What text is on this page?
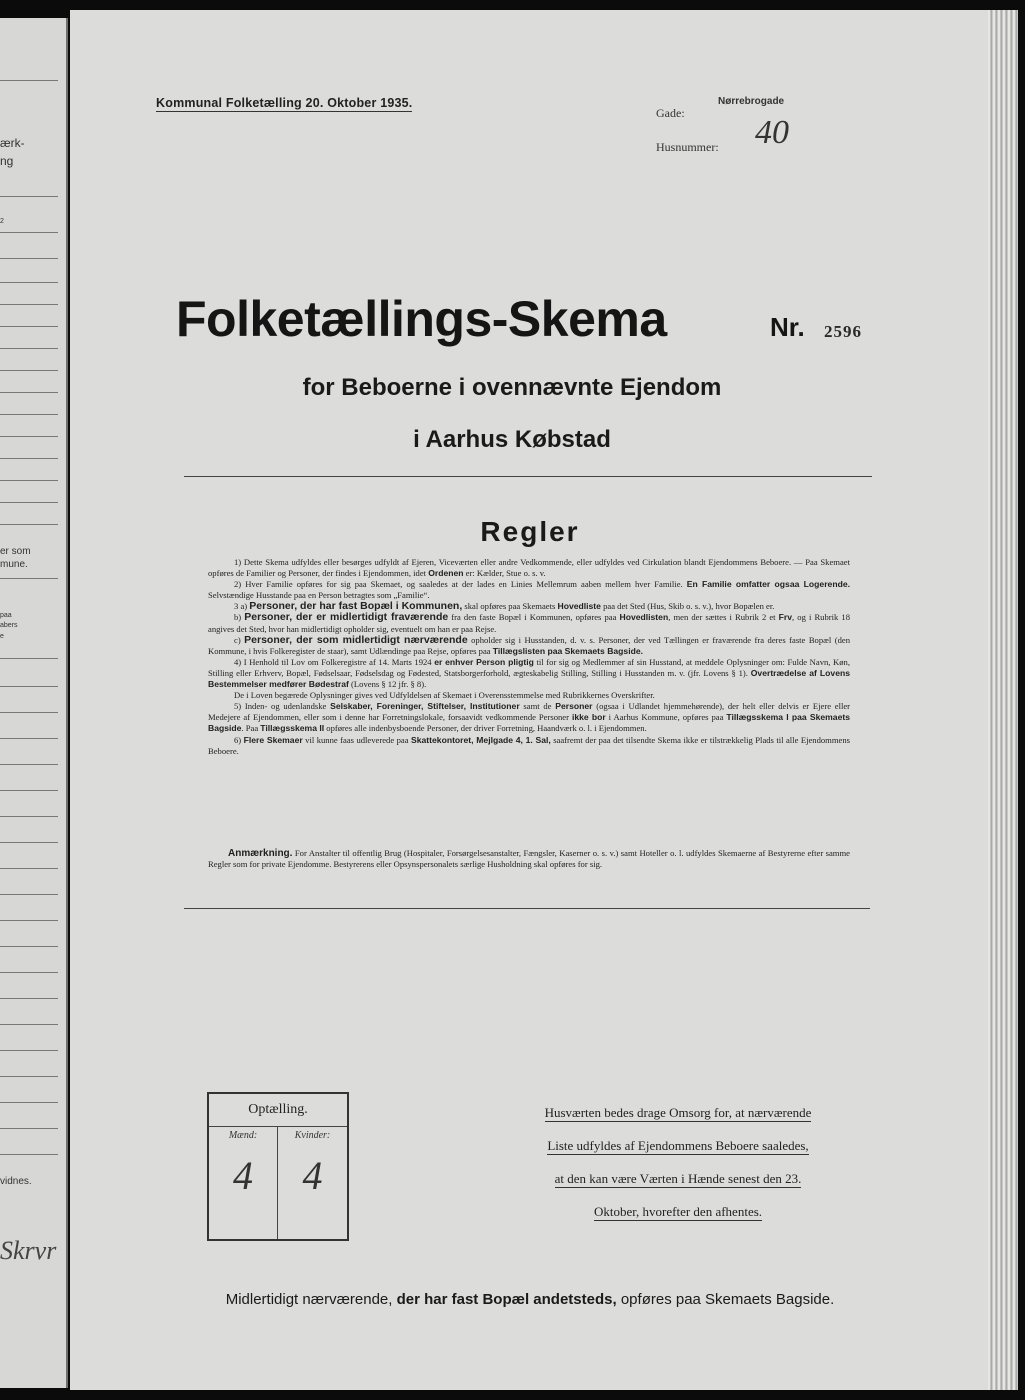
ærk-
ng
2
er som
mune.
paa
abers
e
vidnes.
Skrvr
Kommunal Folketælling 20. Oktober 1935.
Gade:
Nørrebrogade
Husnummer: 40
Folketællings-Skema	Nr. 2596
for Beboerne i ovennævnte Ejendom
i Aarhus Købstad
Regler

1) Dette Skema udfyldes eller besørges udfyldt af Ejeren, Viceværten eller andre Vedkommende, eller udfyldes ved Cirkulation blandt Ejendommens Beboere. — Paa Skemaet opføres de Familier og Personer, der findes i Ejendommen, idet Ordenen er: Kælder, Stue o. s. v.

2) Hver Familie opføres for sig paa Skemaet, og saaledes at der lades en Linies Mellemrum aaben mellem hver Familie. En Familie omfatter ogsaa Logerende. Selvstændige Husstande paa en Person betragtes som „Familie“.

3 a) Personer, der har fast Bopæl i Kommunen, skal opføres paa Skemaets Hovedliste paa det Sted (Hus, Skib o. s. v.), hvor Bopælen er.

b) Personer, der er midlertidigt fraværende fra den faste Bopæl i Kommunen, opføres paa Hovedlisten, men der sættes i Rubrik 2 et Frv, og i Rubrik 18 angives det Sted, hvor han midlertidigt opholder sig, eventuelt om han er paa Rejse.

c) Personer, der som midlertidigt nærværende opholder sig i Husstanden, d. v. s. Personer, der ved Tællingen er fraværende fra deres faste Bopæl (den Kommune, i hvis Folkeregister de staar), samt Udlændinge paa Rejse, opføres paa Tillægslisten paa Skemaets Bagside.

4) I Henhold til Lov om Folkeregistre af 14. Marts 1924 er enhver Person pligtig til for sig og Medlemmer af sin Husstand, at meddele Oplysninger om: Fulde Navn, Køn, Stilling eller Erhverv, Bopæl, Fødselsaar, Fødselsdag og Fødested, Statsborgerforhold, ægteskabelig Stilling, Stilling i Husstanden m. v. (jfr. Lovens § 1). Overtrædelse af Lovens Bestemmelser medfører Bødestraf (Lovens § 12 jfr. § 8).

De i Loven begærede Oplysninger gives ved Udfyldelsen af Skemaet i Overensstemmelse med Rubrikkernes Overskrifter.

5) Inden- og udenlandske Selskaber, Foreninger, Stiftelser, Institutioner samt de Personer (ogsaa i Udlandet hjemmehørende), der helt eller delvis er Ejere eller Medejere af Ejendommen, eller som i denne har Forretningslokale, forsaavidt vedkommende Personer ikke bor i Aarhus Kommune, opføres paa Tillægsskema I paa Skemaets Bagside. Paa Tillægsskema II opføres alle indenbysboende Personer, der driver Forretning, Haandværk o. l. i Ejendommen.

6) Flere Skemaer vil kunne faas udleverede paa Skattekontoret, Mejlgade 4, 1. Sal, saafremt der paa det tilsendte Skema ikke er tilstrækkelig Plads til alle Ejendommens Beboere.

Anmærkning. For Anstalter til offentlig Brug (Hospitaler, Forsørgelsesanstalter, Fængsler, Kaserner o. s. v.) samt Hoteller o. l. udfyldes Skemaerne af Bestyrerne efter samme Regler som for private Ejendomme. Bestyrerens eller Opsynspersonalets særlige Husholdning skal opføres for sig.

Optælling.
Mænd:
4
Kvinder:
4
Husværten bedes drage Omsorg for, at nærværende
Liste udfyldes af Ejendommens Beboere saaledes,
at den kan være Værten i Hænde senest den 23.
Oktober, hvorefter den afhentes.
Midlertidigt nærværende, der har fast Bopæl andetsteds, opføres paa Skemaets Bagside.
